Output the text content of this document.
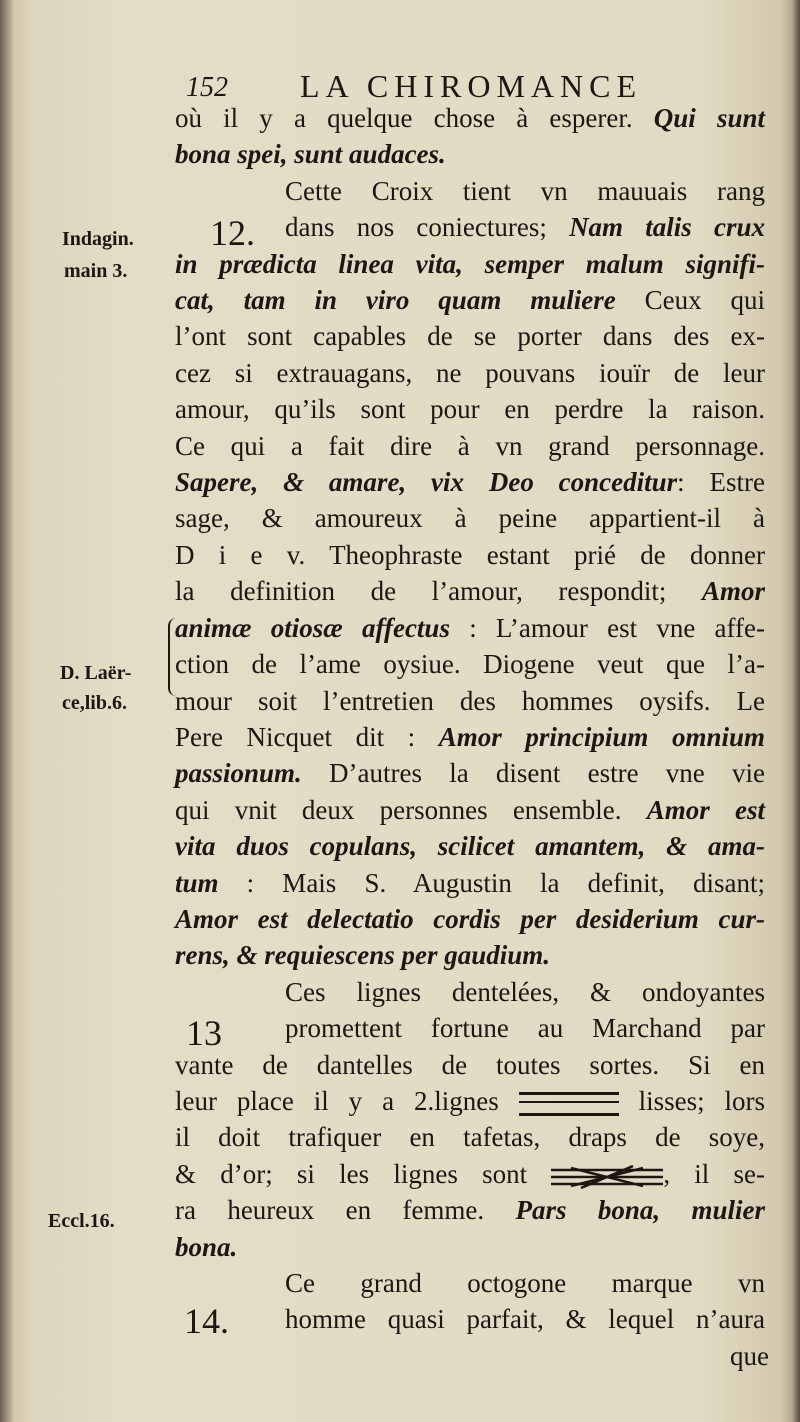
152 LA CHIROMANCE
Indagin.
main 3.
D. Laër-
ce,lib.6.
Eccl.16.
12.
13
14.
où il y a quelque chose à esperer. Qui sunt
bona spei, sunt audaces.
Cette Croix tient vn mauuais rang
dans nos coniectures; Nam talis crux
in prædicta linea vita, semper malum signifi-
cat, tam in viro quam muliere Ceux qui
l’ont sont capables de se porter dans des ex-
cez si extrauagans, ne pouvans iouïr de leur
amour, qu’ils sont pour en perdre la raison.
Ce qui a fait dire à vn grand personnage.
Sapere, & amare, vix Deo conceditur: Estre
sage, & amoureux à peine appartient-il à
D i e v. Theophraste estant prié de donner
la definition de l’amour, respondit; Amor
animæ otiosæ affectus : L’amour est vne affe-
ction de l’ame oysiue. Diogene veut que l’a-
mour soit l’entretien des hommes oysifs. Le
Pere Nicquet dit : Amor principium omnium
passionum. D’autres la disent estre vne vie
qui vnit deux personnes ensemble. Amor est
vita duos copulans, scilicet amantem, & ama-
tum : Mais S. Augustin la definit, disant;
Amor est delectatio cordis per desiderium cur-
rens, & requiescens per gaudium.
Ces lignes dentelées, & ondoyantes
promettent fortune au Marchand par
vante de dantelles de toutes sortes. Si en
leur place il y a 2.lignes	lisses; lors
il doit trafiquer en tafetas, draps de soye,
& d’or; si les lignes sont	, il se-
ra heureux en femme. Pars bona, mulier
bona.
Ce grand octogone marque vn
homme quasi parfait, & lequel n’aura
que
